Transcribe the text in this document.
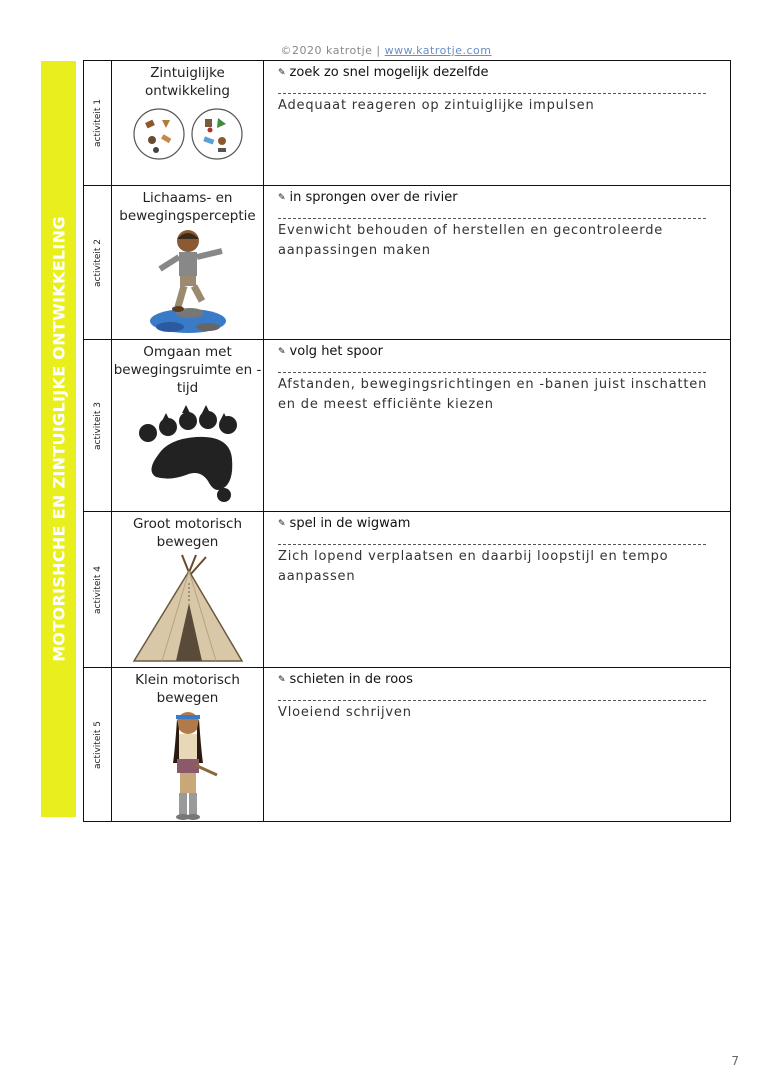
©2020 katrotje | www.katrotje.com
MOTORISHCHE EN ZINTUIGLIJKE ONTWIKKELING
activiteit 1	Zintuiglijke ontwikkeling	✎ zoek zo snel mogelijk dezelfde
Adequaat reageren op zintuiglijke impulsen

activiteit 2	Lichaams- en bewegingsperceptie	✎ in sprongen over de rivier
Evenwicht behouden of herstellen en gecontroleerde aanpassingen maken

activiteit 3	Omgaan met bewegingsruimte en -tijd	✎ volg het spoor
Afstanden, bewegingsrichtingen en -banen juist inschatten en de meest efficiënte kiezen

activiteit 4	Groot motorisch bewegen	✎ spel in de wigwam
Zich lopend verplaatsen en daarbij loopstijl en tempo aanpassen

activiteit 5	Klein motorisch bewegen	✎ schieten in de roos
Vloeiend schrijven
7
